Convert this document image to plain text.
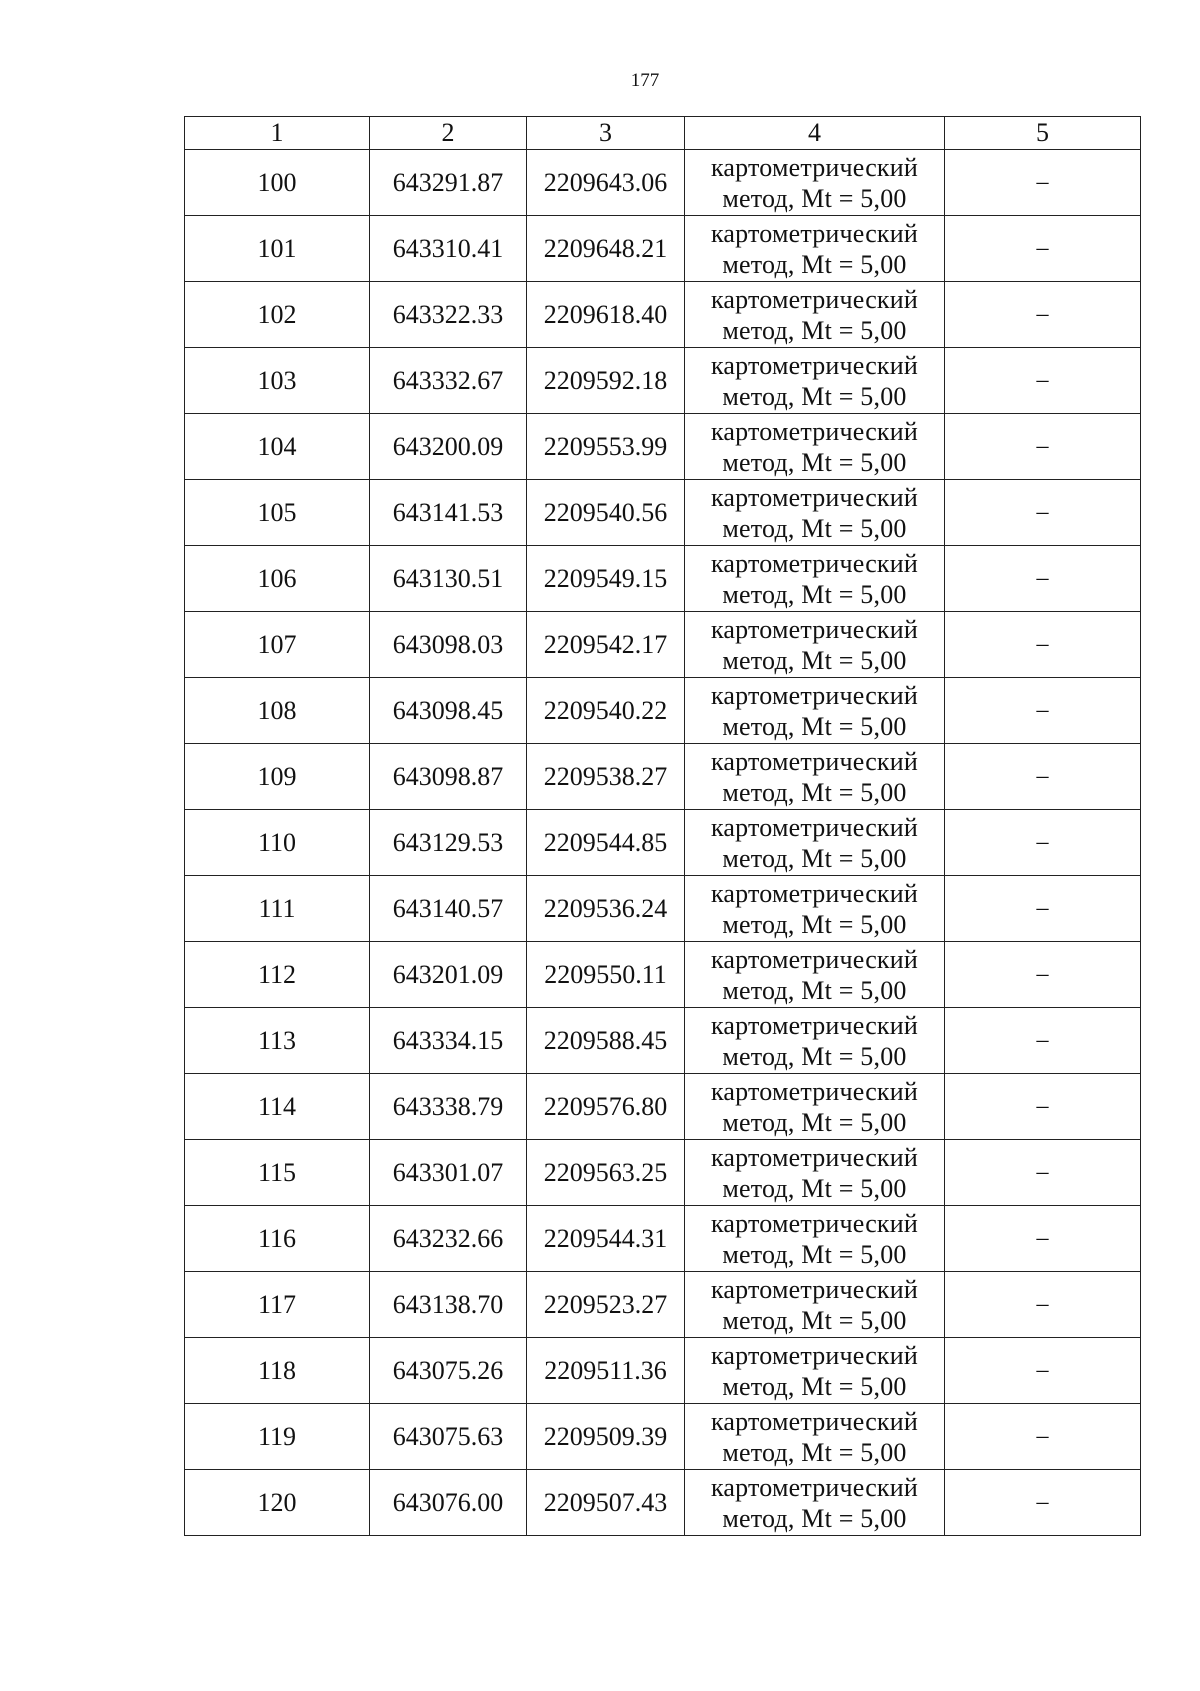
177
1	2	3	4	5
100	643291.87	2209643.06	картометрический
метод, Mt = 5,00	–
101	643310.41	2209648.21	картометрический
метод, Mt = 5,00	–
102	643322.33	2209618.40	картометрический
метод, Mt = 5,00	–
103	643332.67	2209592.18	картометрический
метод, Mt = 5,00	–
104	643200.09	2209553.99	картометрический
метод, Mt = 5,00	–
105	643141.53	2209540.56	картометрический
метод, Mt = 5,00	–
106	643130.51	2209549.15	картометрический
метод, Mt = 5,00	–
107	643098.03	2209542.17	картометрический
метод, Mt = 5,00	–
108	643098.45	2209540.22	картометрический
метод, Mt = 5,00	–
109	643098.87	2209538.27	картометрический
метод, Mt = 5,00	–
110	643129.53	2209544.85	картометрический
метод, Mt = 5,00	–
111	643140.57	2209536.24	картометрический
метод, Mt = 5,00	–
112	643201.09	2209550.11	картометрический
метод, Mt = 5,00	–
113	643334.15	2209588.45	картометрический
метод, Mt = 5,00	–
114	643338.79	2209576.80	картометрический
метод, Mt = 5,00	–
115	643301.07	2209563.25	картометрический
метод, Mt = 5,00	–
116	643232.66	2209544.31	картометрический
метод, Mt = 5,00	–
117	643138.70	2209523.27	картометрический
метод, Mt = 5,00	–
118	643075.26	2209511.36	картометрический
метод, Mt = 5,00	–
119	643075.63	2209509.39	картометрический
метод, Mt = 5,00	–
120	643076.00	2209507.43	картометрический
метод, Mt = 5,00	–
